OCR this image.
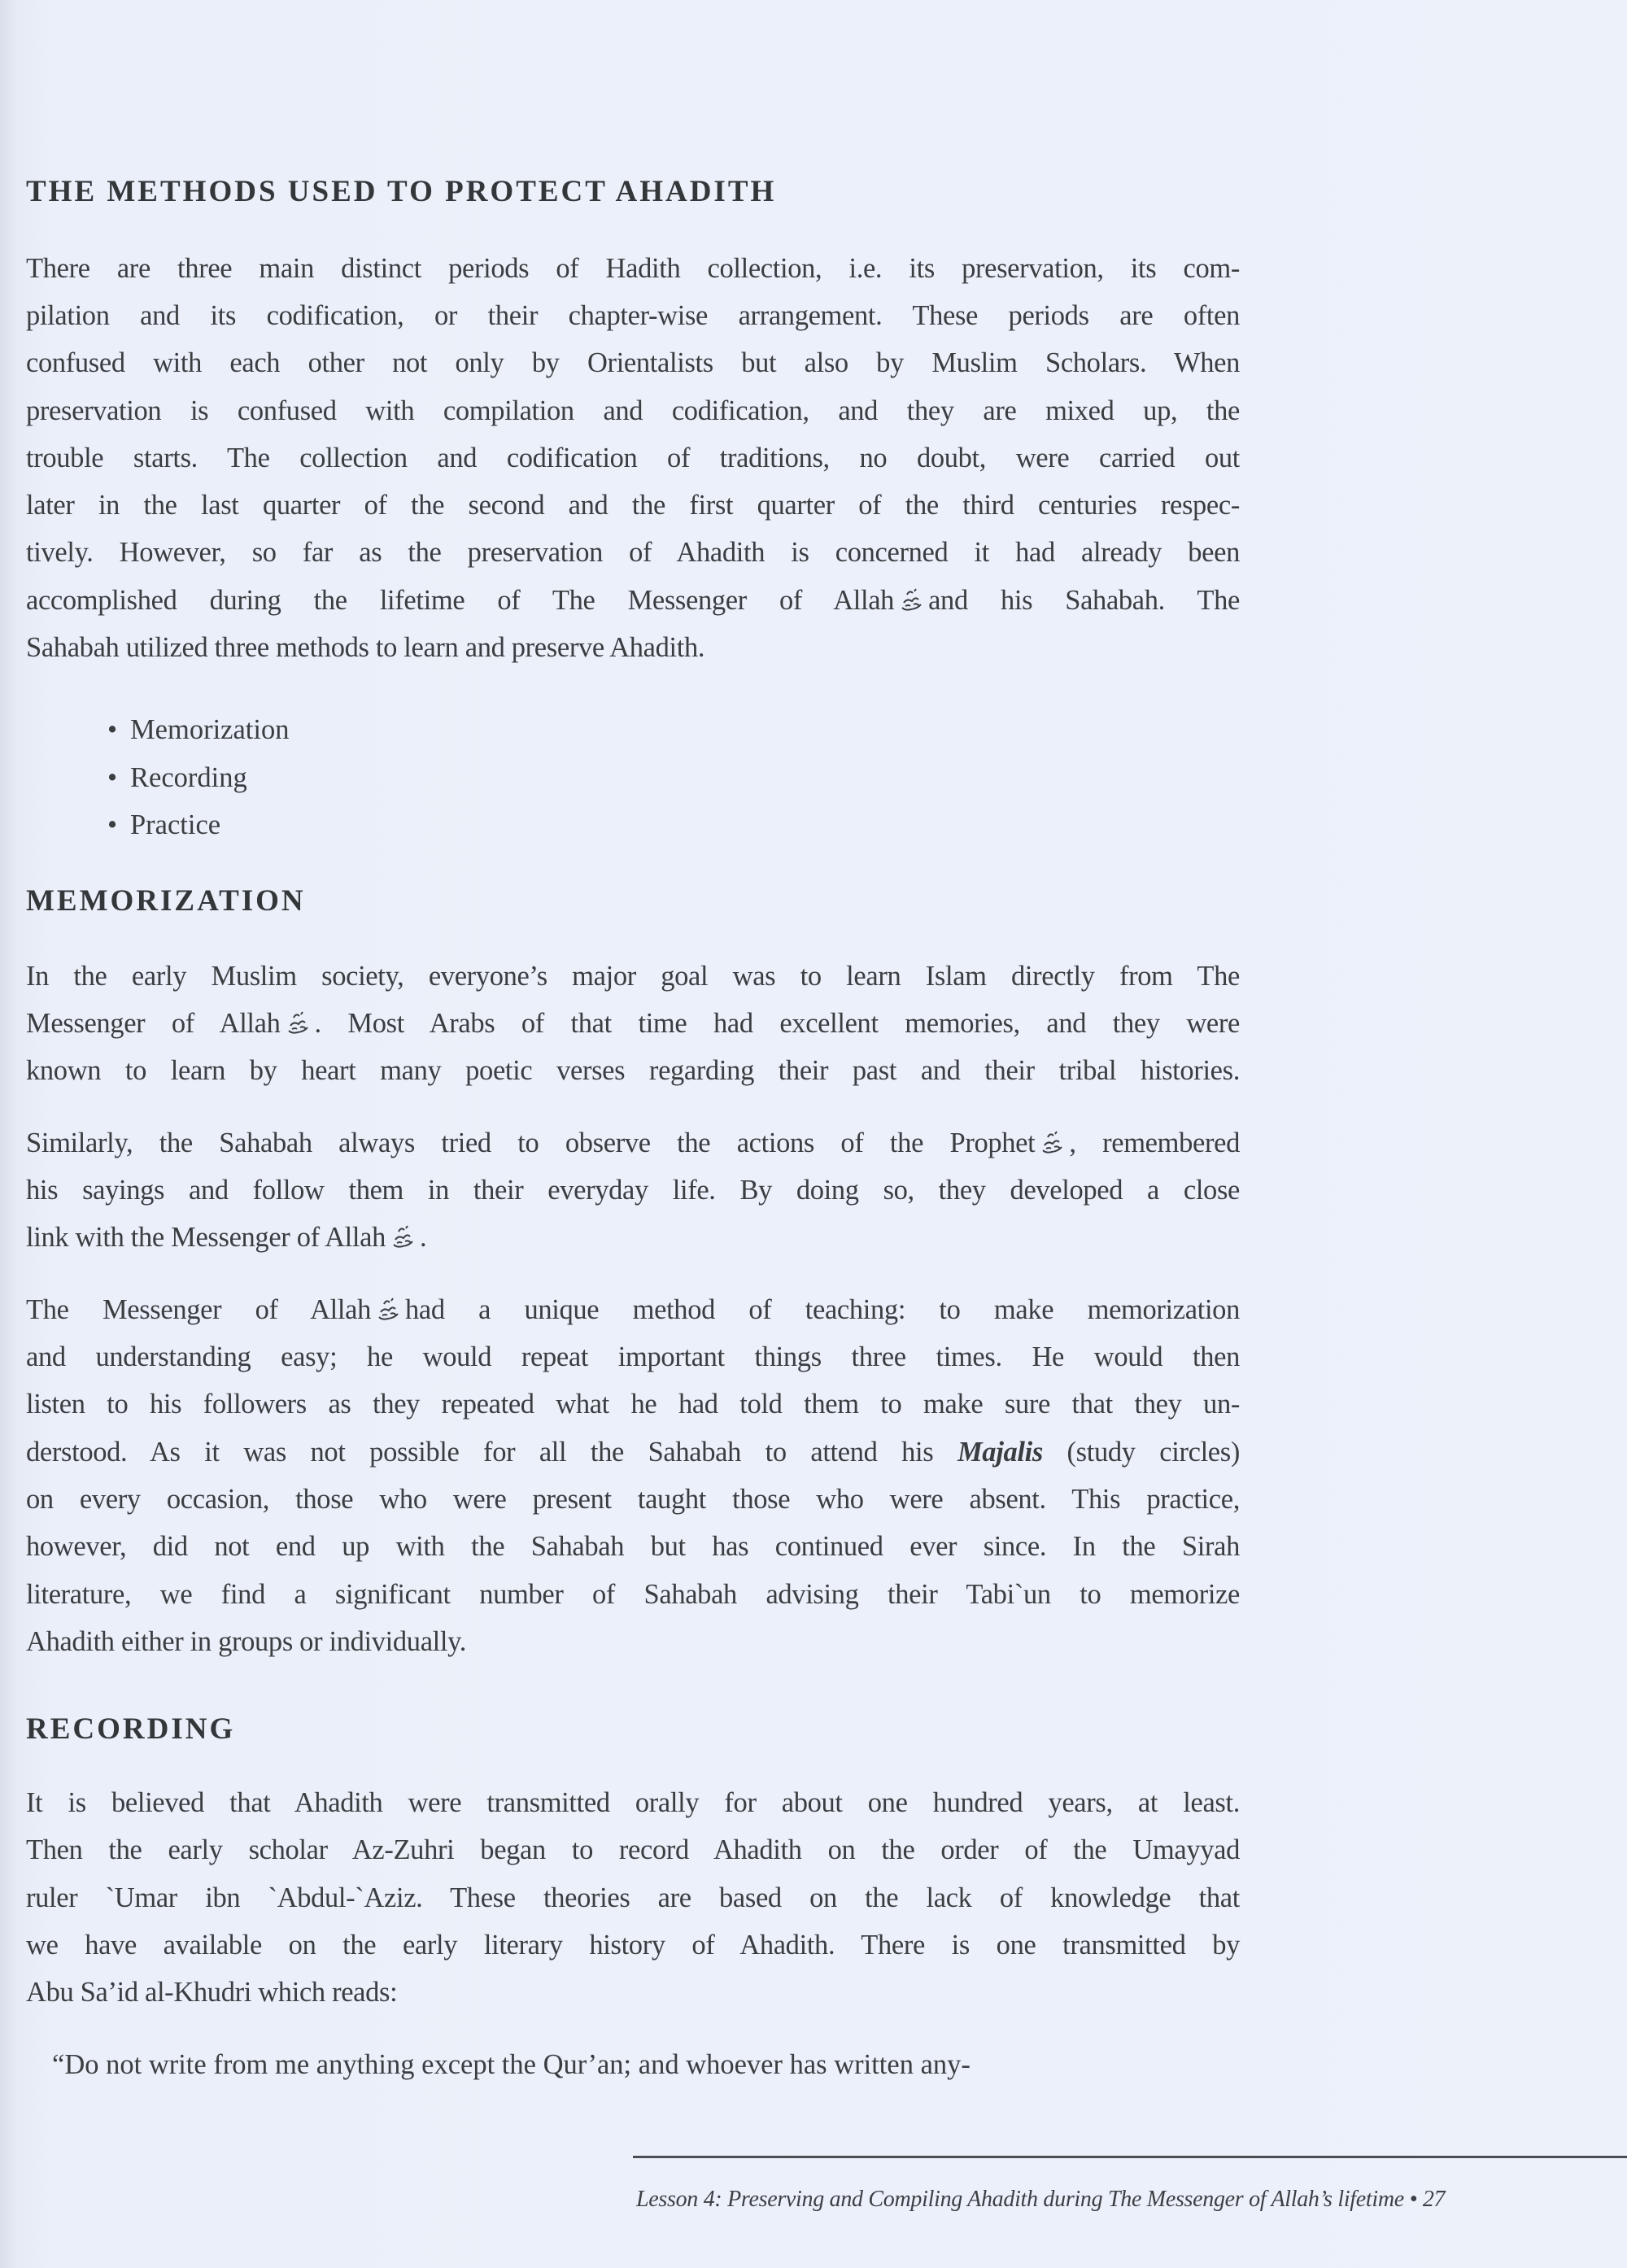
THE METHODS USED TO PROTECT AHADITH
There are three main distinct periods of Hadith collection, i.e. its preservation, its com-
pilation and its codification, or their chapter-wise arrangement. These periods are often
confused with each other not only by Orientalists but also by Muslim Scholars. When
preservation is confused with compilation and codification, and they are mixed up, the
trouble starts. The collection and codification of traditions, no doubt, were carried out
later in the last quarter of the second and the first quarter of the third centuries respec-
tively. However, so far as the preservation of Ahadith is concerned it had already been
accomplished during the lifetime of The Messenger of Allah and his Sahabah. The
Sahabah utilized three methods to learn and preserve Ahadith.
• Memorization
• Recording
• Practice
MEMORIZATION
In the early Muslim society, everyone’s major goal was to learn Islam directly from The
Messenger of Allah . Most Arabs of that time had excellent memories, and they were
known to learn by heart many poetic verses regarding their past and their tribal histories.
Similarly, the Sahabah always tried to observe the actions of the Prophet , remembered
his sayings and follow them in their everyday life. By doing so, they developed a close
link with the Messenger of Allah .
The Messenger of Allah had a unique method of teaching: to make memorization
and understanding easy; he would repeat important things three times. He would then
listen to his followers as they repeated what he had told them to make sure that they un-
derstood. As it was not possible for all the Sahabah to attend his Majalis (study circles)
on every occasion, those who were present taught those who were absent. This practice,
however, did not end up with the Sahabah but has continued ever since. In the Sirah
literature, we find a significant number of Sahabah advising their Tabi`un to memorize
Ahadith either in groups or individually.
RECORDING
It is believed that Ahadith were transmitted orally for about one hundred years, at least.
Then the early scholar Az-Zuhri began to record Ahadith on the order of the Umayyad
ruler `Umar ibn `Abdul-`Aziz. These theories are based on the lack of knowledge that
we have available on the early literary history of Ahadith. There is one transmitted by
Abu Sa’id al-Khudri which reads:
“Do not write from me anything except the Qur’an; and whoever has written any-
Lesson 4: Preserving and Compiling Ahadith during The Messenger of Allah’s lifetime • 27
